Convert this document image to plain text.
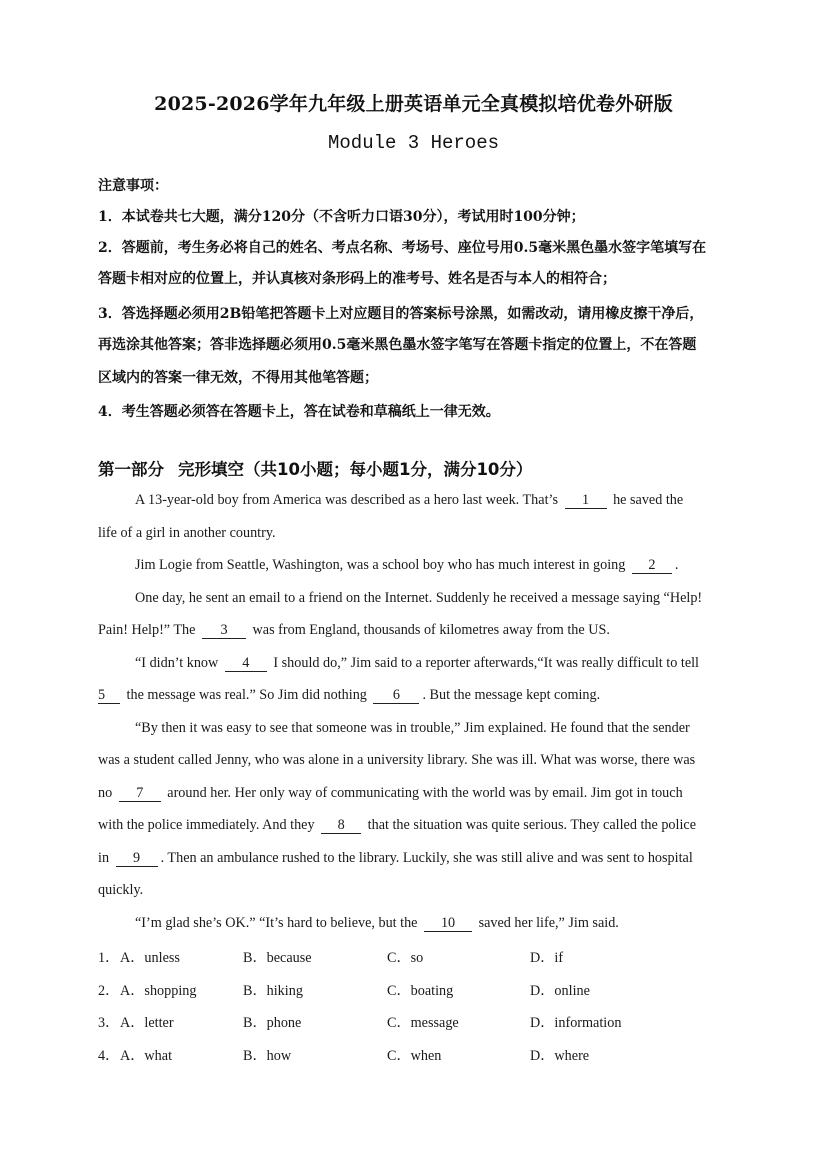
2025-2026学年九年级上册英语单元全真模拟培优卷外研版
Module 3 Heroes
注意事项：
1．本试卷共七大题，满分120分（不含听力口语30分），考试用时100分钟；
2．答题前，考生务必将自己的姓名、考点名称、考场号、座位号用0.5毫米黑色墨水签字笔填写在
答题卡相对应的位置上，并认真核对条形码上的准考号、姓名是否与本人的相符合；
3．答选择题必须用2B铅笔把答题卡上对应题目的答案标号涂黑，如需改动，请用橡皮擦干净后，
再选涂其他答案；答非选择题必须用0.5毫米黑色墨水签字笔写在答题卡指定的位置上，不在答题
区域内的答案一律无效，不得用其他笔答题；
4．考生答题必须答在答题卡上，答在试卷和草稿纸上一律无效。
第一部分 完形填空（共10小题；每小题1分，满分10分）
A 13-year-old boy from America was described as a hero last week. That’s 1 he saved the
life of a girl in another country.
Jim Logie from Seattle, Washington, was a school boy who has much interest in going 2 .
One day, he sent an email to a friend on the Internet. Suddenly he received a message saying “Help!
Pain! Help!” The 3 was from England, thousands of kilometres away from the US.
“I didn’t know 4 I should do,” Jim said to a reporter afterwards,“It was really difficult to tell
5 the message was real.” So Jim did nothing 6 . But the message kept coming.
“By then it was easy to see that someone was in trouble,” Jim explained. He found that the sender
was a student called Jenny, who was alone in a university library. She was ill. What was worse, there was
no 7 around her. Her only way of communicating with the world was by email. Jim got in touch
with the police immediately. And they 8 that the situation was quite serious. They called the police
in 9 . Then an ambulance rushed to the library. Luckily, she was still alive and was sent to hospital
quickly.
“I’m glad she’s OK.” “It’s hard to believe, but the 10 saved her life,” Jim said.
1． A．unless	B．because	C．so	D．if
2． A．shopping	B．hiking	C．boating	D．online
3． A．letter	B．phone	C．message	D．information
4． A．what	B．how	C．when	D．where
